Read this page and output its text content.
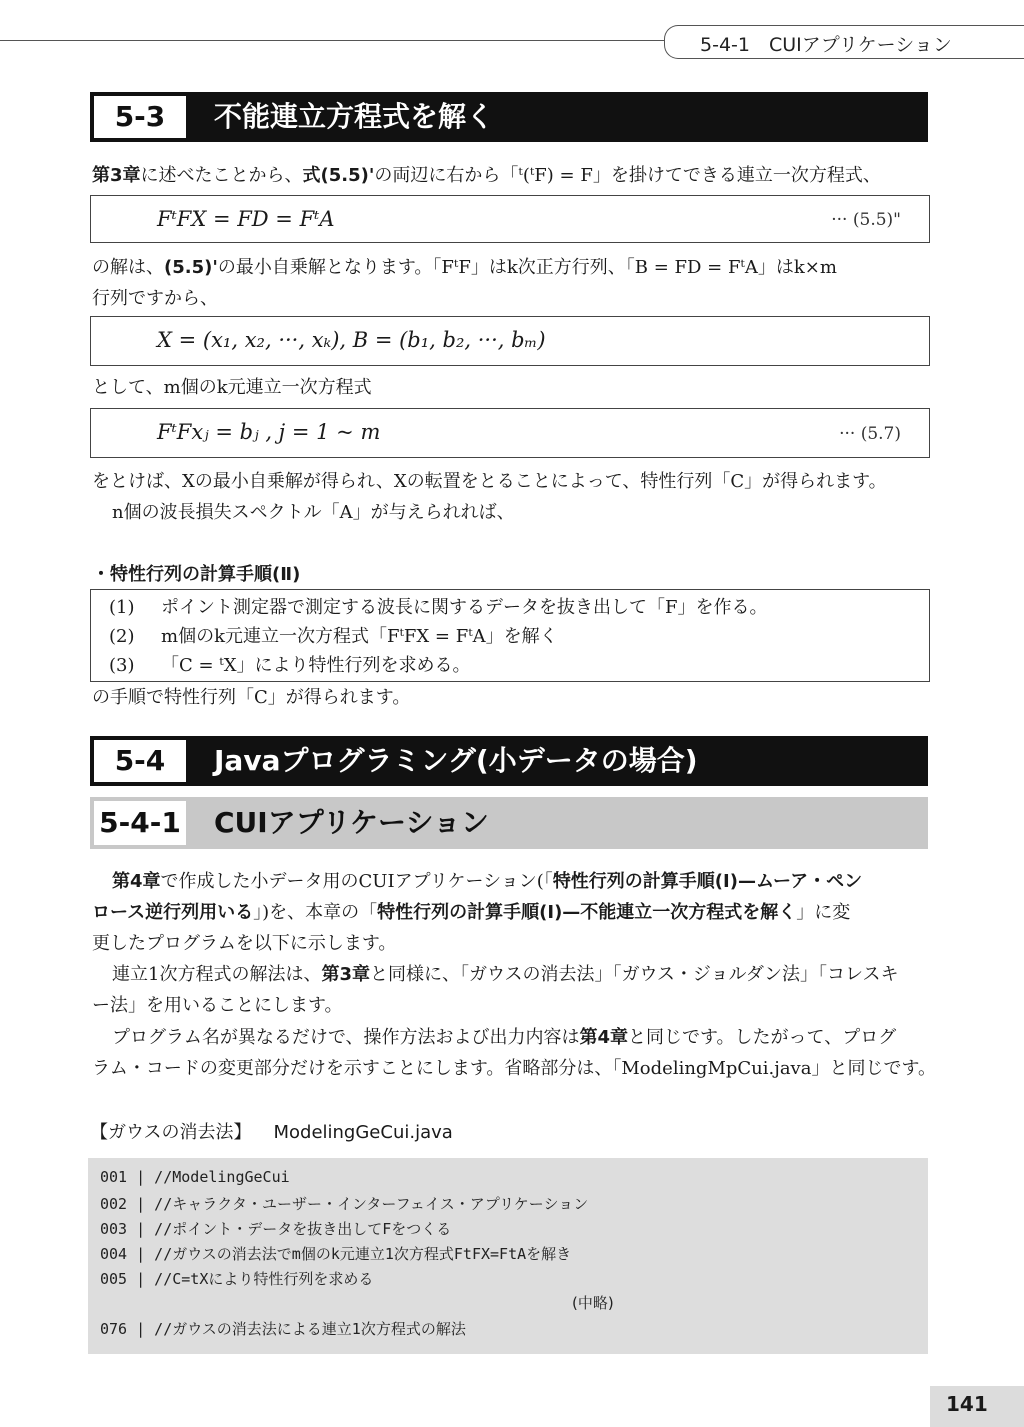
5-4-1　CUIアプリケーション
5-3	不能連立方程式を解く
第3章に述べたことから、式(5.5)'の両辺に右から「ᵗ(ᵗF) = F」を掛けてできる連立一次方程式、
FᵗFX = FD = FᵗA	··· (5.5)"
の解は、(5.5)'の最小自乗解となります。「FᵗF」はk次正方行列、「B = FD = FᵗA」はk×m
行列ですから、
X = (x₁, x₂, ···, xₖ), B = (b₁, b₂, ···, bₘ)
として、m個のk元連立一次方程式
FᵗFxⱼ = bⱼ , j = 1 ~ m	··· (5.7)
をとけば、Xの最小自乗解が得られ、Xの転置をとることによって、特性行列「C」が得られます。
n個の波長損失スペクトル「A」が与えられれば、
・特性行列の計算手順(Ⅱ)
(1) ポイント測定器で測定する波長に関するデータを抜き出して「F」を作る。
(2) m個のk元連立一次方程式「FᵗFX = FᵗA」を解く
(3) 「C = ᵗX」により特性行列を求める。
の手順で特性行列「C」が得られます。
5-4	Javaプログラミング(小データの場合)
5-4-1 CUIアプリケーション
第4章で作成した小データ用のCUIアプリケーション(「特性行列の計算手順(Ⅰ)—ムーア・ペン
ロース逆行列用いる」)を、本章の「特性行列の計算手順(Ⅰ)—不能連立一次方程式を解く」に変
更したプログラムを以下に示します。
連立1次方程式の解法は、第3章と同様に、「ガウスの消去法」「ガウス・ジョルダン法」「コレスキ
ー法」を用いることにします。
プログラム名が異なるだけで、操作方法および出力内容は第4章と同じです。したがって、プログ
ラム・コードの変更部分だけを示すことにします。省略部分は、「ModelingMpCui.java」と同じです。
【ガウスの消去法】 ModelingGeCui.java
001 | //ModelingGeCui
002 | //キャラクタ・ユーザー・インターフェイス・アプリケーション
003 | //ポイント・データを抜き出してFをつくる
004 | //ガウスの消去法でm個のk元連立1次方程式FtFX=FtAを解き
005 | //C=tXにより特性行列を求める
(中略)
076 | //ガウスの消去法による連立1次方程式の解法
141
